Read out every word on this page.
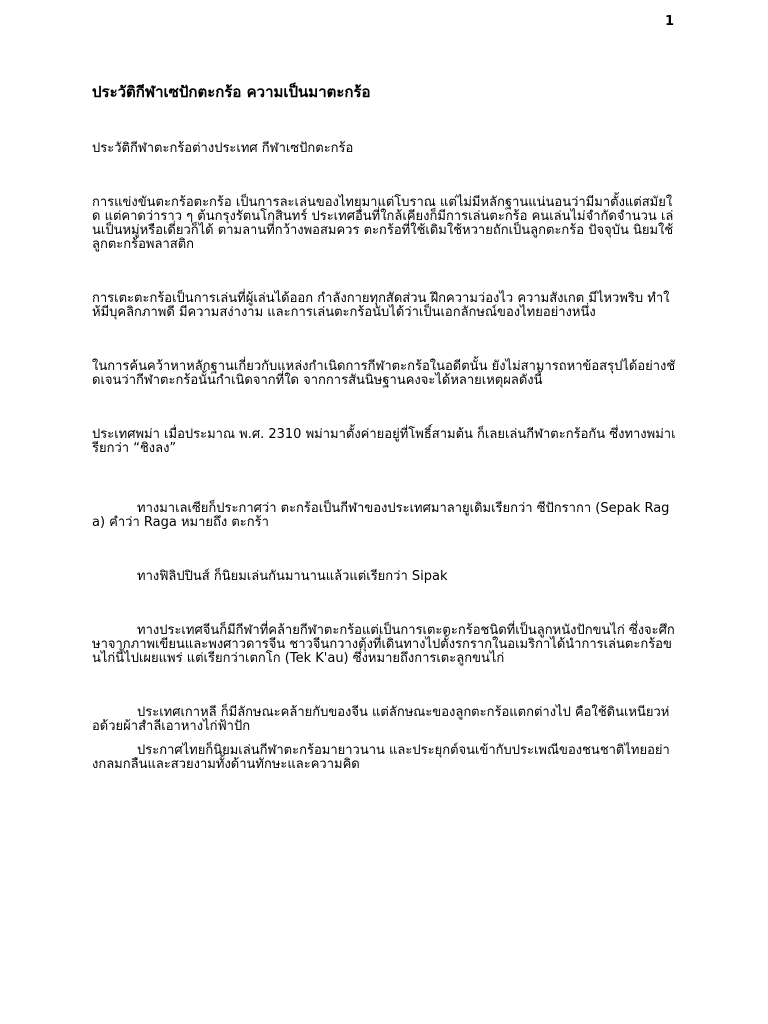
1
ประวัติกีฬาเซปักตะกร้อ ความเป็นมาตะกร้อ

ประวัติกีฬาตะกร้อต่างประเทศ กีฬาเซปักตะกร้อ

การแข่งขันตะกร้อตะกร้อ เป็นการละเล่นของไทยมาแต่โบราณ แต่ไม่มีหลักฐานแน่นอนว่ามีมาตั้งแต่สมัยใด แต่คาดว่าราว ๆ ต้นกรุงรัตนโกสินทร์ ประเทศอื่นที่ใกล้เคียงก็มีการเล่นตะกร้อ คนเล่นไม่จำกัดจำนวน เล่นเป็นหมู่หรือเดี่ยวก็ได้ ตามลานที่กว้างพอสมควร ตะกร้อที่ใช้เดิมใช้หวายถักเป็นลูกตะกร้อ ปัจจุบัน นิยมใช้ลูกตะกร้อพลาสติก

การเตะตะกร้อเป็นการเล่นที่ผู้เล่นได้ออก กำลังกายทุกสัดส่วน ฝึกความว่องไว ความสังเกต มีไหวพริบ ทำให้มีบุคลิกภาพดี มีความสง่างาม และการเล่นตะกร้อนับได้ว่าเป็นเอกลักษณ์ของไทยอย่างหนึ่ง

ในการค้นคว้าหาหลักฐานเกี่ยวกับแหล่งกำเนิดการกีฬาตะกร้อในอดีตนั้น ยังไม่สามารถหาข้อสรุปได้อย่างชัดเจนว่ากีฬาตะกร้อนั้นกำเนิดจากที่ใด จากการสันนิษฐานคงจะได้หลายเหตุผลดังนี้

ประเทศพม่า เมื่อประมาณ พ.ศ. 2310 พม่ามาตั้งค่ายอยู่ที่โพธิ์สามต้น ก็เลยเล่นกีฬาตะกร้อกัน ซึ่งทางพม่าเรียกว่า “ชิงลง”

ทางมาเลเซียก็ประกาศว่า ตะกร้อเป็นกีฬาของประเทศมาลายูเดิมเรียกว่า ซีปักรากา (Sepak Raga) คำว่า Raga หมายถึง ตะกร้า

ทางฟิลิปปินส์ ก็นิยมเล่นกันมานานแล้วแต่เรียกว่า Sipak

ทางประเทศจีนก็มีกีฬาที่คล้ายกีฬาตะกร้อแต่เป็นการเตะตะกร้อชนิดที่เป็นลูกหนังปักขนไก่ ซึ่งจะศึกษาจากภาพเขียนและพงศาวดารจีน ชาวจีนกวางตุ้งที่เดินทางไปตั้งรกรากในอเมริกาได้นำการเล่นตะกร้อขนไก่นี้ไปเผยแพร่ แต่เรียกว่าเตกโก (Tek K'au) ซึ่งหมายถึงการเตะลูกขนไก่

ประเทศเกาหลี ก็มีลักษณะคล้ายกับของจีน แต่ลักษณะของลูกตะกร้อแตกต่างไป คือใช้ดินเหนียวห่อด้วยผ้าสำลีเอาหางไก่ฟ้าปัก

ประกาศไทยก็นิยมเล่นกีฬาตะกร้อมายาวนาน และประยุกต์จนเข้ากับประเพณีของชนชาติไทยอย่างกลมกลืนและสวยงามทั้งด้านทักษะและความคิด
